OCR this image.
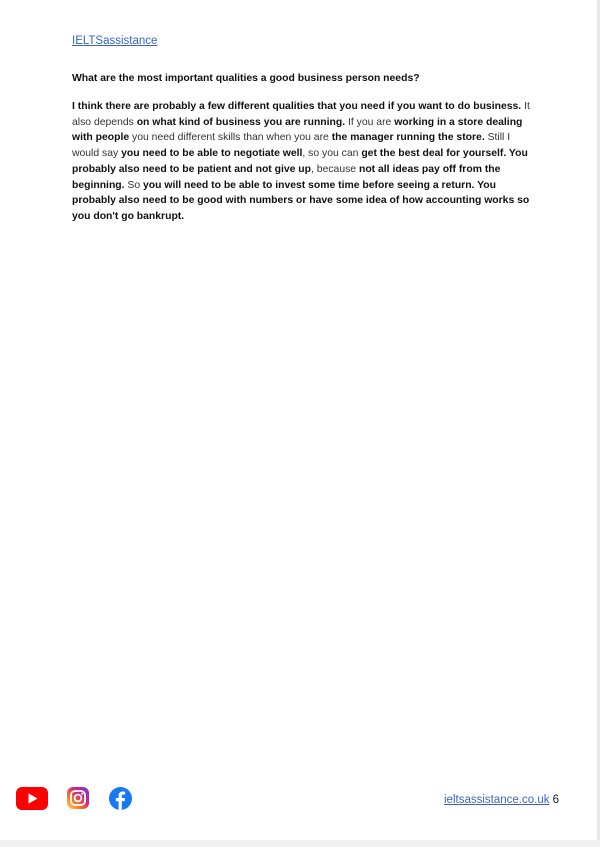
IELTSassistance

What are the most important qualities a good business person needs?

I think there are probably a few different qualities that you need if you want to do business. It also depends on what kind of business you are running. If you are working in a store dealing with people you need different skills than when you are the manager running the store. Still I would say you need to be able to negotiate well, so you can get the best deal for yourself. You probably also need to be patient and not give up, because not all ideas pay off from the beginning. So you will need to be able to invest some time before seeing a return. You probably also need to be good with numbers or have some idea of how accounting works so you don't go bankrupt.

ieltsassistance.co.uk 6
